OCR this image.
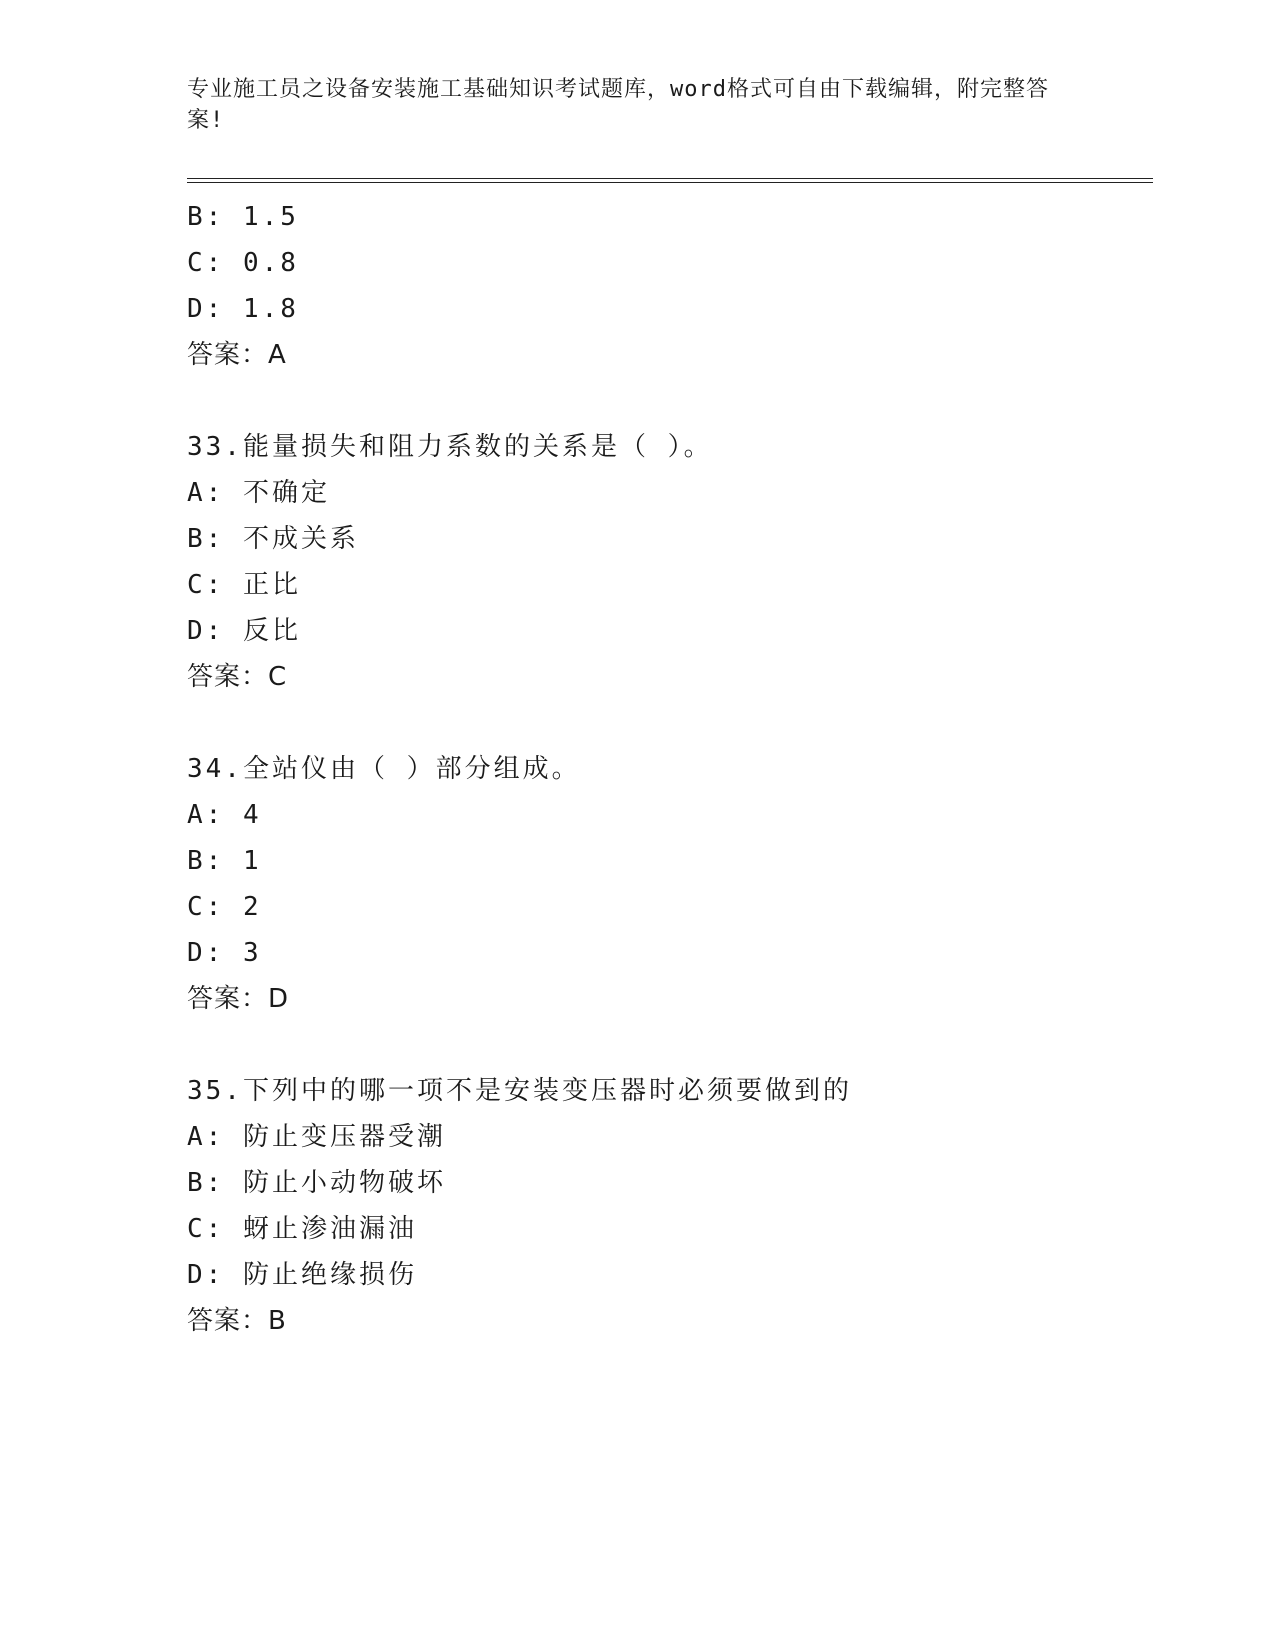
专业施工员之设备安装施工基础知识考试题库，word格式可自由下载编辑，附完整答案!
B: 1.5
C: 0.8
D: 1.8
答案：A
33.能量损失和阻力系数的关系是（ ）。
A: 不确定
B: 不成关系
C: 正比
D: 反比
答案：C
34.全站仪由（ ）部分组成。
A: 4
B: 1
C: 2
D: 3
答案：D
35.下列中的哪一项不是安装变压器时必须要做到的
A: 防止变压器受潮
B: 防止小动物破坏
C: 蚜止渗油漏油
D: 防止绝缘损伤
答案：B
